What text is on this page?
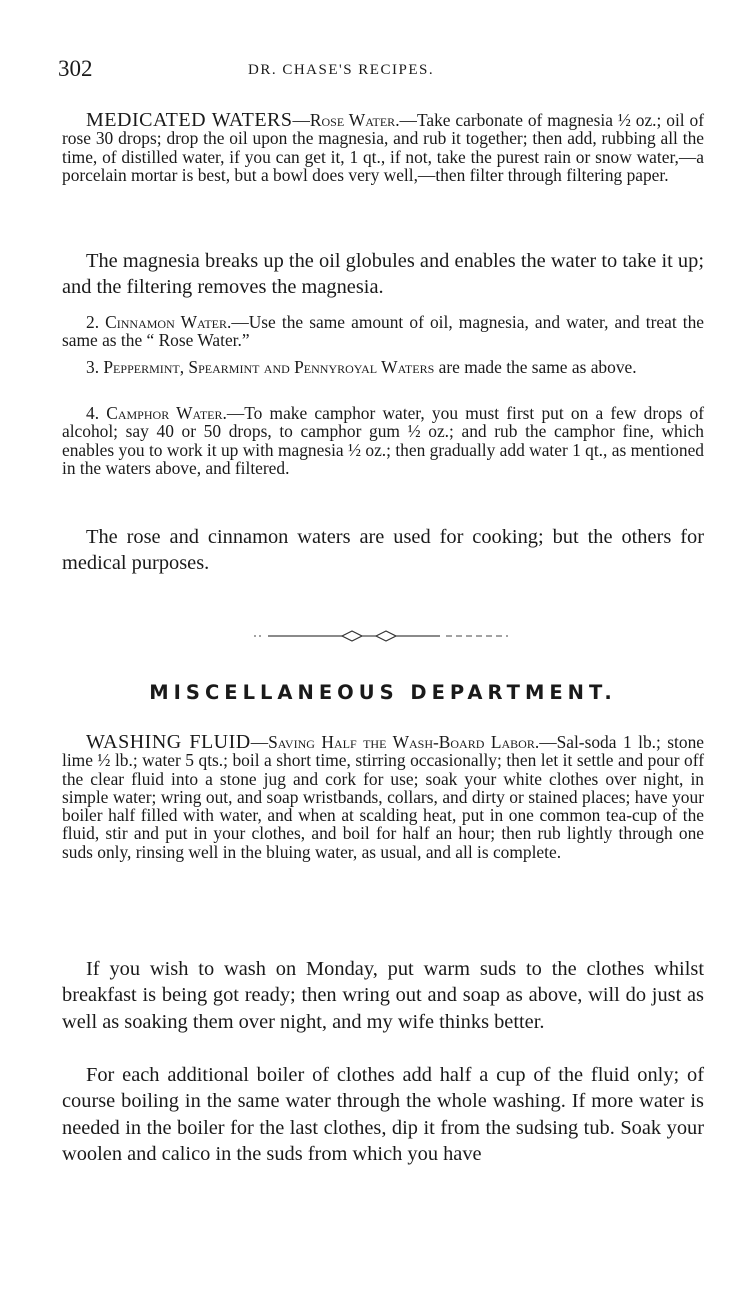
302	DR. CHASE'S RECIPES.

MEDICATED WATERS—Rose Water.—Take carbonate of magnesia ½ oz.; oil of rose 30 drops; drop the oil upon the magnesia, and rub it together; then add, rubbing all the time, of distilled water, if you can get it, 1 qt., if not, take the purest rain or snow water,—a porcelain mortar is best, but a bowl does very well,—then filter through filtering paper.

The magnesia breaks up the oil globules and enables the water to take it up; and the filtering removes the magnesia.

2. Cinnamon Water.—Use the same amount of oil, magnesia, and water, and treat the same as the “ Rose Water.”

3. Peppermint, Spearmint and Pennyroyal Waters are made the same as above.

4. Camphor Water.—To make camphor water, you must first put on a few drops of alcohol; say 40 or 50 drops, to camphor gum ½ oz.; and rub the camphor fine, which enables you to work it up with magnesia ½ oz.; then gradually add water 1 qt., as mentioned in the waters above, and filtered.

The rose and cinnamon waters are used for cooking; but the others for medical purposes.

MISCELLANEOUS DEPARTMENT.

WASHING FLUID—Saving Half the Wash-Board Labor.—Sal-soda 1 lb.; stone lime ½ lb.; water 5 qts.; boil a short time, stirring occasionally; then let it settle and pour off the clear fluid into a stone jug and cork for use; soak your white clothes over night, in simple water; wring out, and soap wristbands, collars, and dirty or stained places; have your boiler half filled with water, and when at scalding heat, put in one common tea-cup of the fluid, stir and put in your clothes, and boil for half an hour; then rub lightly through one suds only, rinsing well in the bluing water, as usual, and all is complete.

If you wish to wash on Monday, put warm suds to the clothes whilst breakfast is being got ready; then wring out and soap as above, will do just as well as soaking them over night, and my wife thinks better.

For each additional boiler of clothes add half a cup of the fluid only; of course boiling in the same water through the whole washing. If more water is needed in the boiler for the last clothes, dip it from the sudsing tub. Soak your woolen and calico in the suds from which you have
